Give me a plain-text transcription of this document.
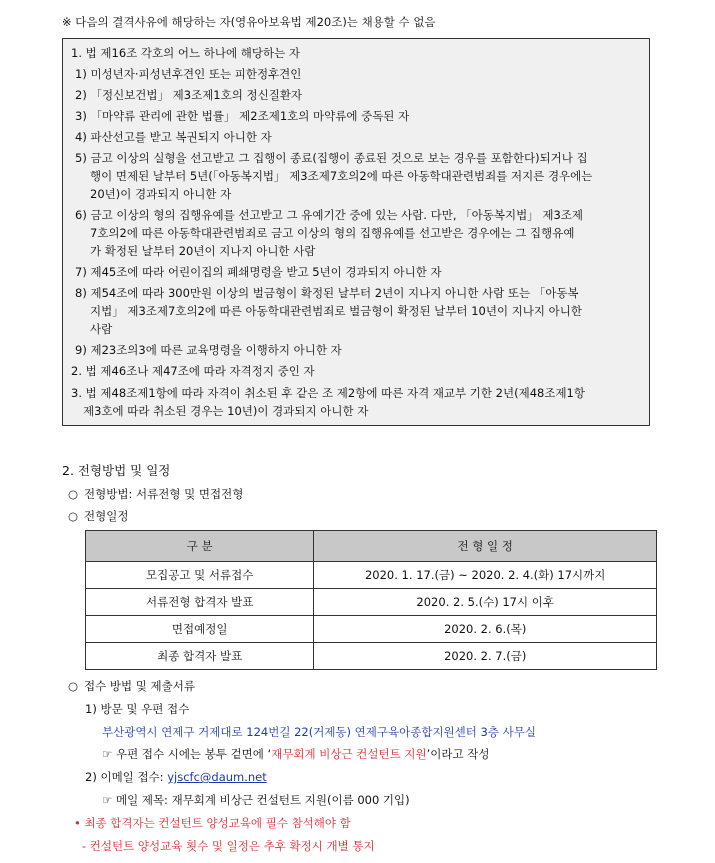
※ 다음의 결격사유에 해당하는 자(영유아보육법 제20조)는 채용할 수 없음
1. 법 제16조 각호의 어느 하나에 해당하는 자
1) 미성년자·피성년후견인 또는 피한정후견인
2) 「정신보건법」 제3조제1호의 정신질환자
3) 「마약류 관리에 관한 법률」 제2조제1호의 마약류에 중독된 자
4) 파산선고를 받고 복권되지 아니한 자
5) 금고 이상의 실형을 선고받고 그 집행이 종료(집행이 종료된 것으로 보는 경우를 포함한다)되거나 집
행이 면제된 날부터 5년(「아동복지법」 제3조제7호의2에 따른 아동학대관련범죄를 저지른 경우에는
20년)이 경과되지 아니한 자
6) 금고 이상의 형의 집행유예를 선고받고 그 유예기간 중에 있는 사람. 다만, 「아동복지법」 제3조제
7호의2에 따른 아동학대관련범죄로 금고 이상의 형의 집행유예를 선고받은 경우에는 그 집행유예
가 확정된 날부터 20년이 지나지 아니한 사람
7) 제45조에 따라 어린이집의 폐쇄명령을 받고 5년이 경과되지 아니한 자
8) 제54조에 따라 300만원 이상의 벌금형이 확정된 날부터 2년이 지나지 아니한 사람 또는 「아동복
지법」 제3조제7호의2에 따른 아동학대관련범죄로 벌금형이 확정된 날부터 10년이 지나지 아니한
사람
9) 제23조의3에 따른 교육명령을 이행하지 아니한 자
2. 법 제46조나 제47조에 따라 자격정지 중인 자
3. 법 제48조제1항에 따라 자격이 취소된 후 같은 조 제2항에 따른 자격 재교부 기한 2년(제48조제1항
제3호에 따라 취소된 경우는 10년)이 경과되지 아니한 자
2. 전형방법 및 일정
○ 전형방법: 서류전형 및 면접전형
○ 전형일정
구 분	전 형 일 정
모집공고 및 서류접수	2020. 1. 17.(금) ~ 2020. 2. 4.(화) 17시까지
서류전형 합격자 발표	2020. 2. 5.(수) 17시 이후
면접예정일	2020. 2. 6.(목)
최종 합격자 발표	2020. 2. 7.(금)
○ 접수 방법 및 제출서류
1) 방문 및 우편 접수
부산광역시 연제구 거제대로 124번길 22(거제동) 연제구육아종합지원센터 3층 사무실
☞ 우편 접수 시에는 봉투 겉면에 ‘재무회계 비상근 컨설턴트 지원’이라고 작성
2) 이메일 접수: yjscfc@daum.net
☞ 메일 제목: 재무회계 비상근 컨설턴트 지원(이름 000 기입)
• 최종 합격자는 컨설턴트 양성교육에 필수 참석해야 함
- 컨설턴트 양성교육 횟수 및 일정은 추후 확정시 개별 통지
